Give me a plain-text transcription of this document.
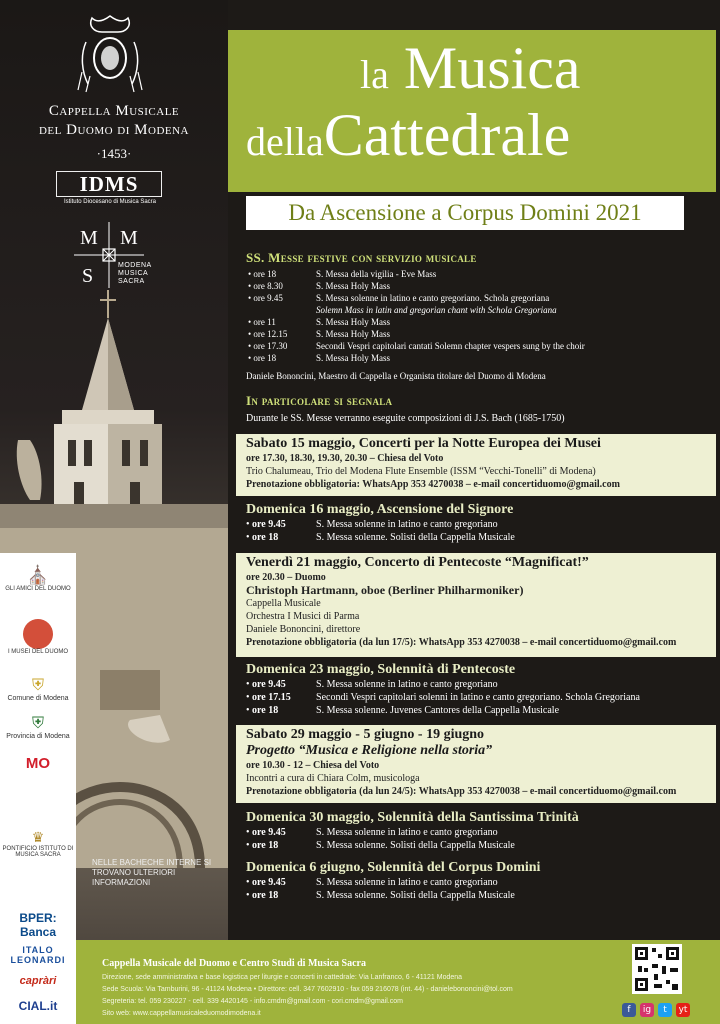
Cappella Musicale
del Duomo di Modena
·1453·
IDMS
Istituto Diocesano di Musica Sacra
M M
S	MODENA
MUSICA
SACRA
⛪
GLI AMICI DEL DUOMO
I MUSEI DEL DUOMO
⛨
Comune di Modena
⛨
Provincia di Modena
MO
♛
PONTIFICIO ISTITUTO DI MUSICA SACRA
BPER: Banca
ITALO LEONARDI
capràri
CIAL.it
NELLE BACHECHE INTERNE SI TROVANO ULTERIORI INFORMAZIONI
la Musica
dellaCattedrale
Da Ascensione a Corpus Domini 2021
SS. Messe festive con servizio musicale
• ore 18	S. Messa della vigilia - Eve Mass
• ore 8.30	S. Messa Holy Mass
• ore 9.45	S. Messa solenne in latino e canto gregoriano. Schola gregoriana
Solemn Mass in latin and gregorian chant with Schola Gregoriana
• ore 11	S. Messa Holy Mass
• ore 12.15	S. Messa Holy Mass
• ore 17.30	Secondi Vespri capitolari cantati Solemn chapter vespers sung by the choir
• ore 18	S. Messa Holy Mass
Daniele Bononcini, Maestro di Cappella e Organista titolare del Duomo di Modena
In particolare si segnala
Durante le SS. Messe verranno eseguite composizioni di J.S. Bach (1685-1750)
Sabato 15 maggio, Concerti per la Notte Europea dei Musei
ore 17.30, 18.30, 19.30, 20.30 – Chiesa del Voto
Trio Chalumeau, Trio del Modena Flute Ensemble (ISSM “Vecchi-Tonelli” di Modena)
Prenotazione obbligatoria: WhatsApp 353 4270038 – e-mail concertiduomo@gmail.com
Domenica 16 maggio, Ascensione del Signore
• ore 9.45	S. Messa solenne in latino e canto gregoriano
• ore 18	S. Messa solenne. Solisti della Cappella Musicale
Venerdì 21 maggio, Concerto di Pentecoste “Magnificat!”
ore 20.30 – Duomo
Christoph Hartmann, oboe (Berliner Philharmoniker)
Cappella Musicale
Orchestra I Musici di Parma
Daniele Bononcini, direttore
Prenotazione obbligatoria (da lun 17/5): WhatsApp 353 4270038 – e-mail concertiduomo@gmail.com
Domenica 23 maggio, Solennità di Pentecoste
• ore 9.45	S. Messa solenne in latino e canto gregoriano
• ore 17.15	Secondi Vespri capitolari solenni in latino e canto gregoriano. Schola Gregoriana
• ore 18	S. Messa solenne. Juvenes Cantores della Cappella Musicale
Sabato 29 maggio - 5 giugno - 19 giugno
Progetto “Musica e Religione nella storia”
ore 10.30 - 12 – Chiesa del Voto
Incontri a cura di Chiara Colm, musicologa
Prenotazione obbligatoria (da lun 24/5): WhatsApp 353 4270038 – e-mail concertiduomo@gmail.com
Domenica 30 maggio, Solennità della Santissima Trinità
• ore 9.45	S. Messa solenne in latino e canto gregoriano
• ore 18	S. Messa solenne. Solisti della Cappella Musicale
Domenica 6 giugno, Solennità del Corpus Domini
• ore 9.45	S. Messa solenne in latino e canto gregoriano
• ore 18	S. Messa solenne. Solisti della Cappella Musicale
Cappella Musicale del Duomo e Centro Studi di Musica Sacra
Direzione, sede amministrativa e base logistica per liturgie e concerti in cattedrale: Via Lanfranco, 6 - 41121 Modena
Sede Scuola: Via Tamburini, 96 - 41124 Modena • Direttore: cell. 347 7602910 - fax 059 216078 (int. 44) - danielebononcini@tol.com
Segreteria: tel. 059 230227 - cell. 339 4420145 - info.cmdm@gmail.com - cori.cmdm@gmail.com
Sito web: www.cappellamusicaleduomodimodena.it	f	ig	t	yt
